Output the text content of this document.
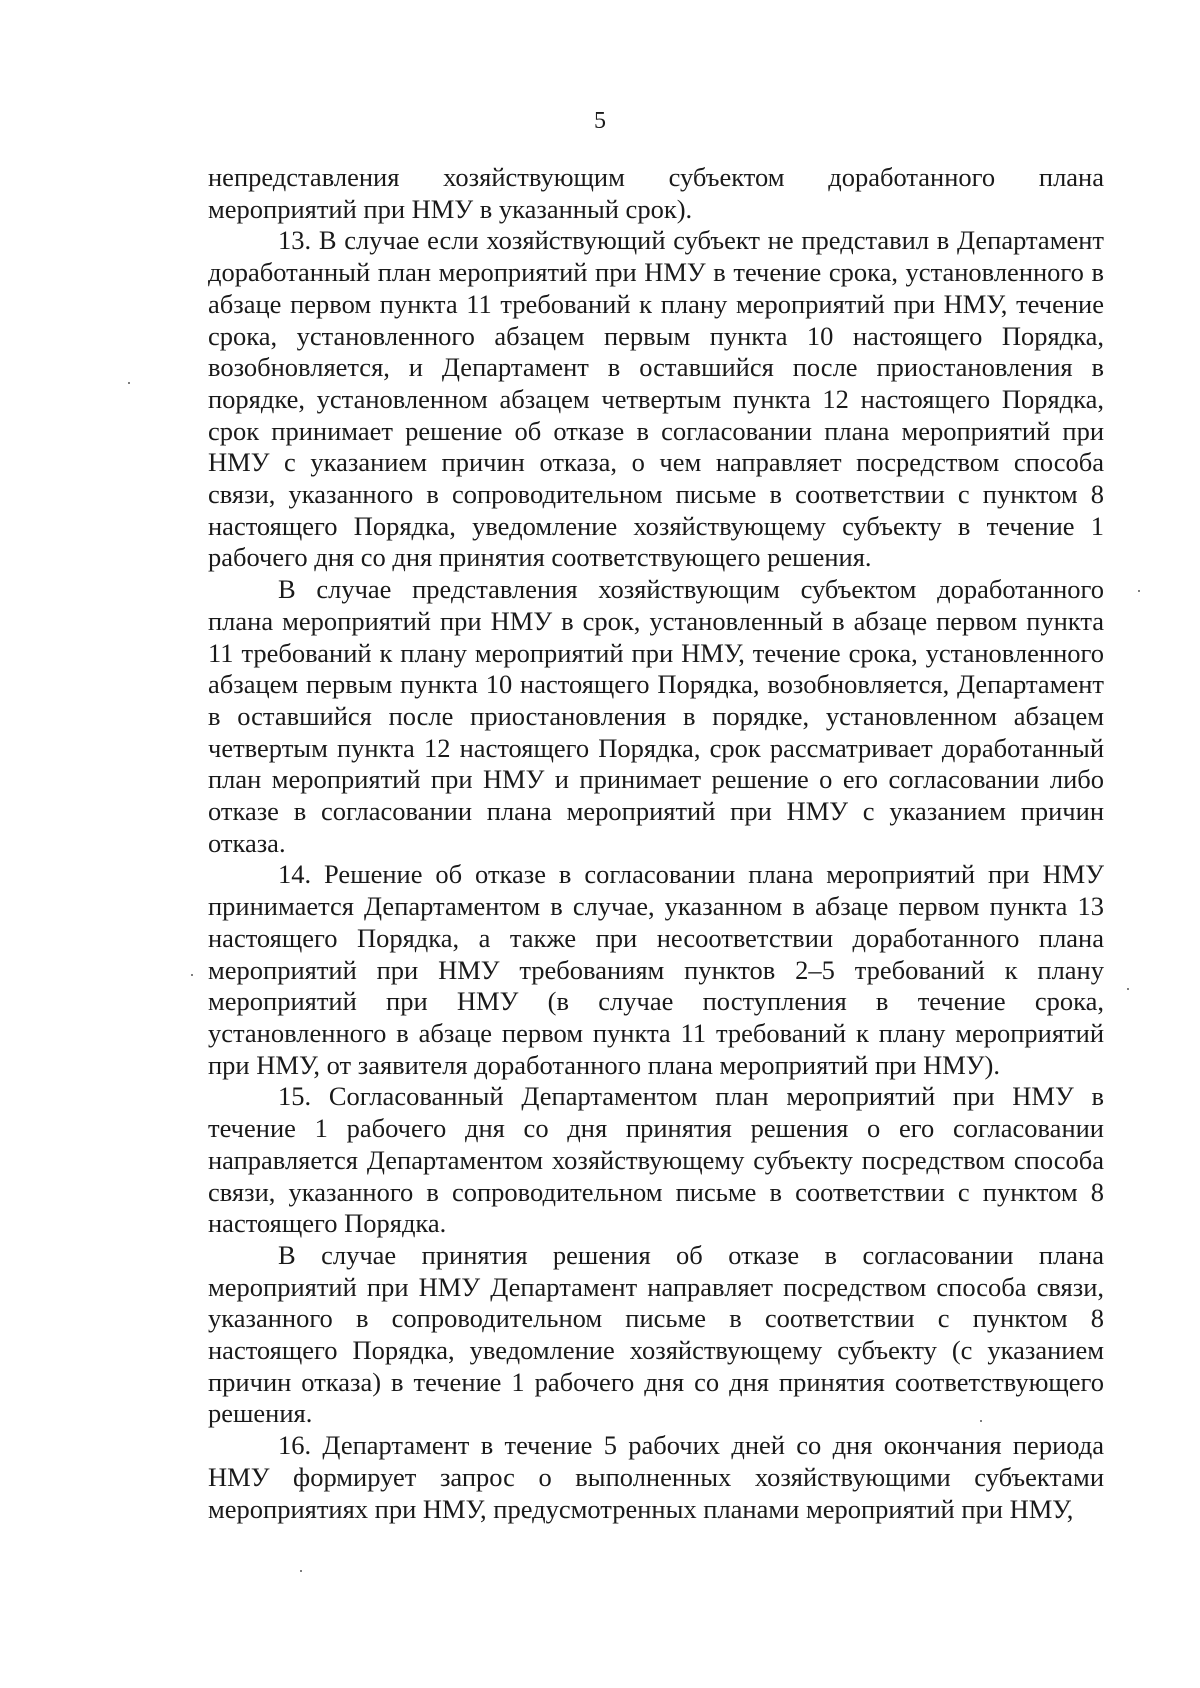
5

непредставления хозяйствующим субъектом доработанного плана мероприятий при НМУ в указанный срок).

13. В случае если хозяйствующий субъект не представил в Департамент доработанный план мероприятий при НМУ в течение срока, установленного в абзаце первом пункта 11 требований к плану мероприятий при НМУ, течение срока, установленного абзацем первым пункта 10 настоящего Порядка, возобновляется, и Департамент в оставшийся после приостановления в порядке, установленном абзацем четвертым пункта 12 настоящего Порядка, срок принимает решение об отказе в согласовании плана мероприятий при НМУ с указанием причин отказа, о чем направляет посредством способа связи, указанного в сопроводительном письме в соответствии с пунктом 8 настоящего Порядка, уведомление хозяйствующему субъекту в течение 1 рабочего дня со дня принятия соответствующего решения.

В случае представления хозяйствующим субъектом доработанного плана мероприятий при НМУ в срок, установленный в абзаце первом пункта 11 требований к плану мероприятий при НМУ, течение срока, установленного абзацем первым пункта 10 настоящего Порядка, возобновляется, Департамент в оставшийся после приостановления в порядке, установленном абзацем четвертым пункта 12 настоящего Порядка, срок рассматривает доработанный план мероприятий при НМУ и принимает решение о его согласовании либо отказе в согласовании плана мероприятий при НМУ с указанием причин отказа.

14. Решение об отказе в согласовании плана мероприятий при НМУ принимается Департаментом в случае, указанном в абзаце первом пункта 13 настоящего Порядка, а также при несоответствии доработанного плана мероприятий при НМУ требованиям пунктов 2–5 требований к плану мероприятий при НМУ (в случае поступления в течение срока, установленного в абзаце первом пункта 11 требований к плану мероприятий при НМУ, от заявителя доработанного плана мероприятий при НМУ).

15. Согласованный Департаментом план мероприятий при НМУ в течение 1 рабочего дня со дня принятия решения о его согласовании направляется Департаментом хозяйствующему субъекту посредством способа связи, указанного в сопроводительном письме в соответствии с пунктом 8 настоящего Порядка.

В случае принятия решения об отказе в согласовании плана мероприятий при НМУ Департамент направляет посредством способа связи, указанного в сопроводительном письме в соответствии с пунктом 8 настоящего Порядка, уведомление хозяйствующему субъекту (с указанием причин отказа) в течение 1 рабочего дня со дня принятия соответствующего решения.

16. Департамент в течение 5 рабочих дней со дня окончания периода НМУ формирует запрос о выполненных хозяйствующими субъектами мероприятиях при НМУ, предусмотренных планами мероприятий при НМУ,
